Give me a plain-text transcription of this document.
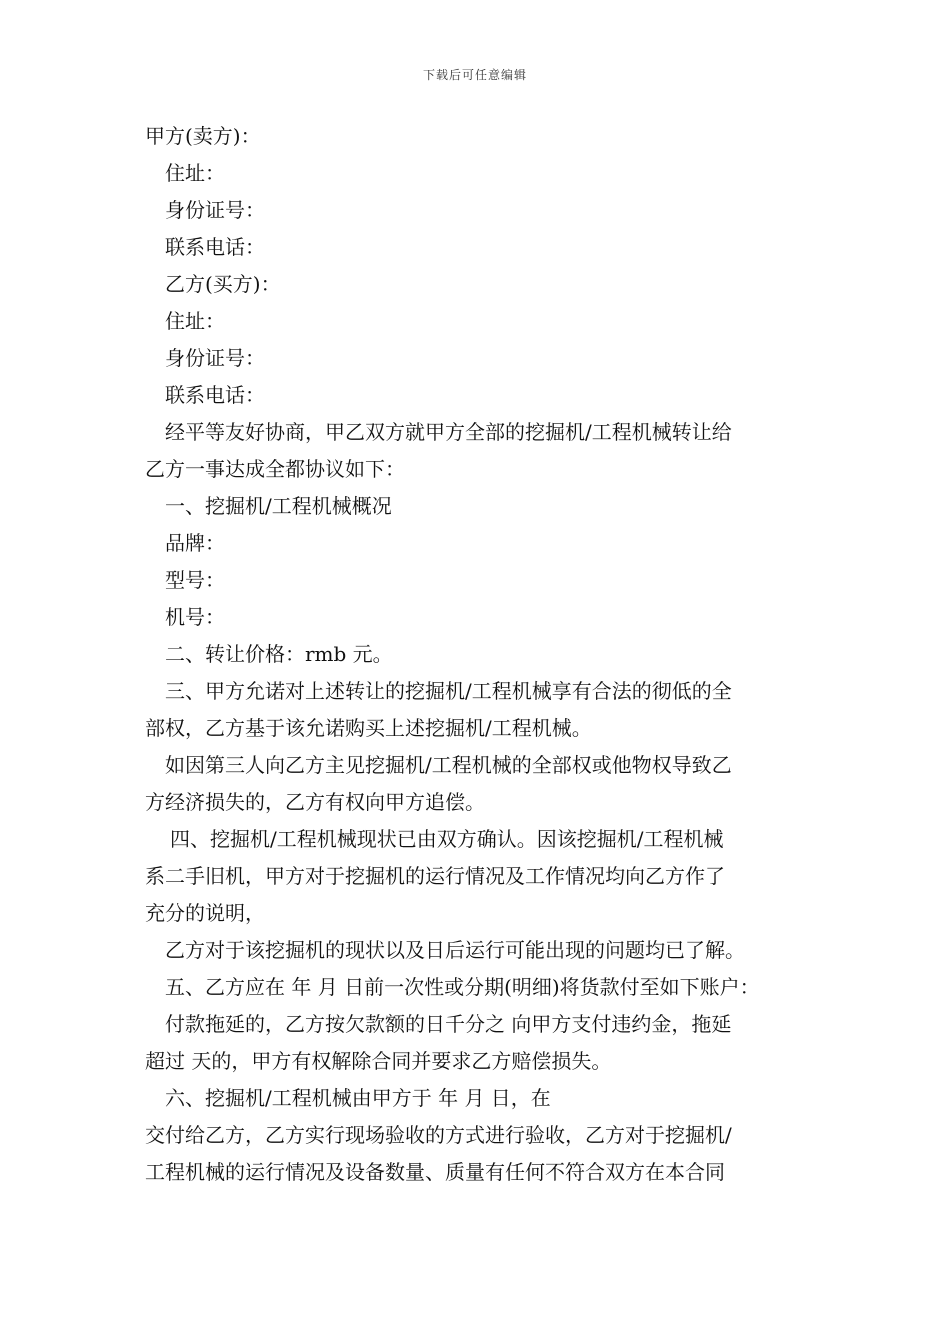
下载后可任意编辑
甲方(卖方)：
住址：
身份证号：
联系电话：
乙方(买方)：
住址：
身份证号：
联系电话：
经平等友好协商，甲乙双方就甲方全部的挖掘机/工程机械转让给
乙方一事达成全都协议如下：
一、挖掘机/工程机械概况
品牌：
型号：
机号：
二、转让价格：rmb 元。
三、甲方允诺对上述转让的挖掘机/工程机械享有合法的彻低的全
部权，乙方基于该允诺购买上述挖掘机/工程机械。
如因第三人向乙方主见挖掘机/工程机械的全部权或他物权导致乙
方经济损失的，乙方有权向甲方追偿。
四、挖掘机/工程机械现状已由双方确认。因该挖掘机/工程机械
系二手旧机，甲方对于挖掘机的运行情况及工作情况均向乙方作了
充分的说明，
乙方对于该挖掘机的现状以及日后运行可能出现的问题均已了解。
五、乙方应在 年 月 日前一次性或分期(明细)将货款付至如下账户：
付款拖延的，乙方按欠款额的日千分之 向甲方支付违约金，拖延
超过 天的，甲方有权解除合同并要求乙方赔偿损失。
六、挖掘机/工程机械由甲方于 年 月 日，在
交付给乙方，乙方实行现场验收的方式进行验收，乙方对于挖掘机/
工程机械的运行情况及设备数量、质量有任何不符合双方在本合同
